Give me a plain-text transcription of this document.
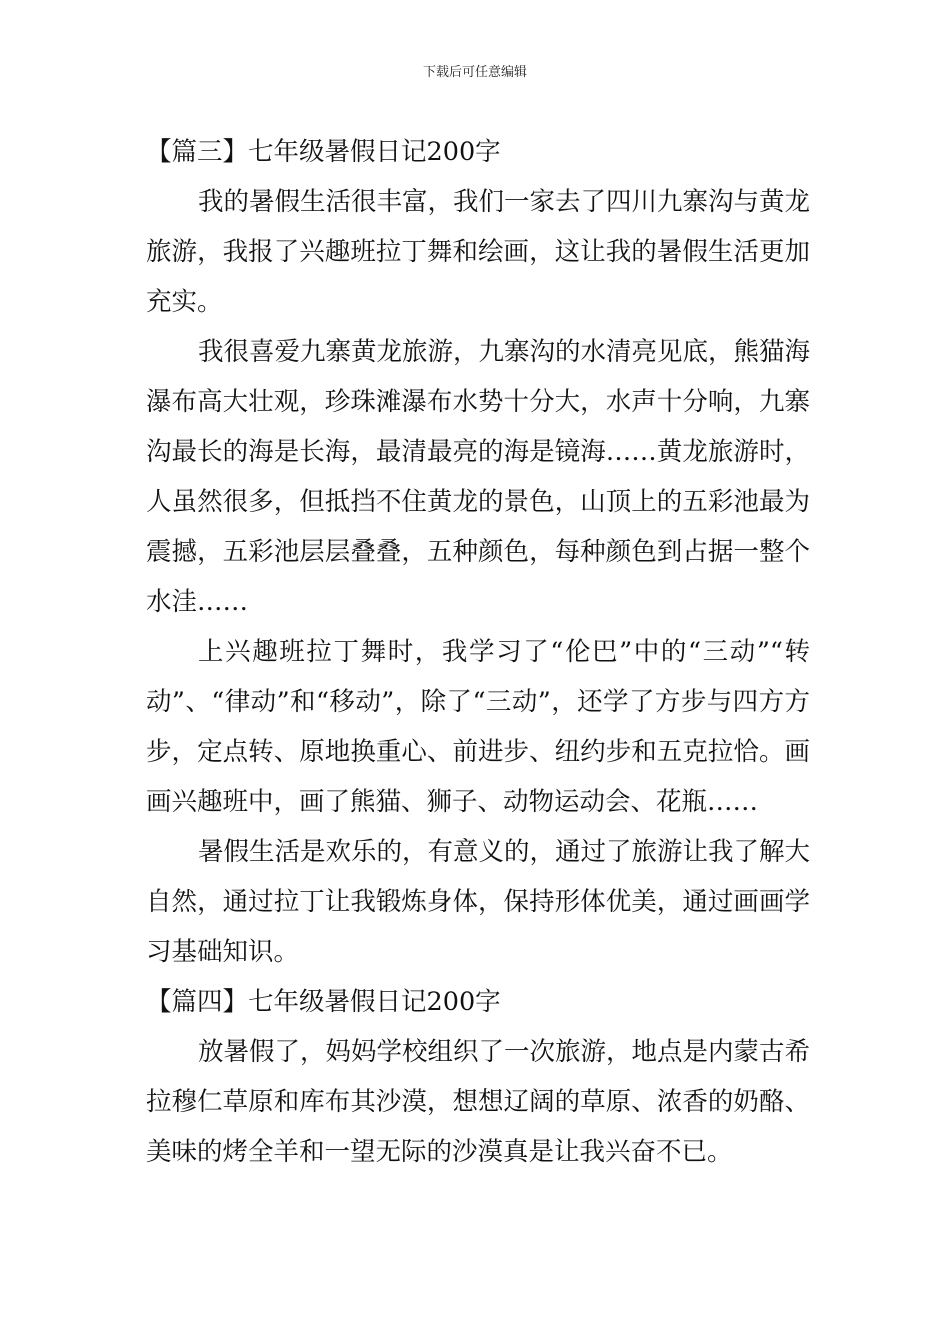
下载后可任意编辑

【篇三】七年级暑假日记200字

我的暑假生活很丰富，我们一家去了四川九寨沟与黄龙旅游，我报了兴趣班拉丁舞和绘画，这让我的暑假生活更加充实。

我很喜爱九寨黄龙旅游，九寨沟的水清亮见底，熊猫海瀑布高大壮观，珍珠滩瀑布水势十分大，水声十分响，九寨沟最长的海是长海，最清最亮的海是镜海……黄龙旅游时，人虽然很多，但抵挡不住黄龙的景色，山顶上的五彩池最为震撼，五彩池层层叠叠，五种颜色，每种颜色到占据一整个水洼……

上兴趣班拉丁舞时，我学习了“伦巴”中的“三动”“转动”、“律动”和“移动”，除了“三动”，还学了方步与四方方步，定点转、原地换重心、前进步、纽约步和五克拉恰。画画兴趣班中，画了熊猫、狮子、动物运动会、花瓶……

暑假生活是欢乐的，有意义的，通过了旅游让我了解大自然，通过拉丁让我锻炼身体，保持形体优美，通过画画学习基础知识。

【篇四】七年级暑假日记200字

放暑假了，妈妈学校组织了一次旅游，地点是内蒙古希拉穆仁草原和库布其沙漠，想想辽阔的草原、浓香的奶酪、美味的烤全羊和一望无际的沙漠真是让我兴奋不已。
